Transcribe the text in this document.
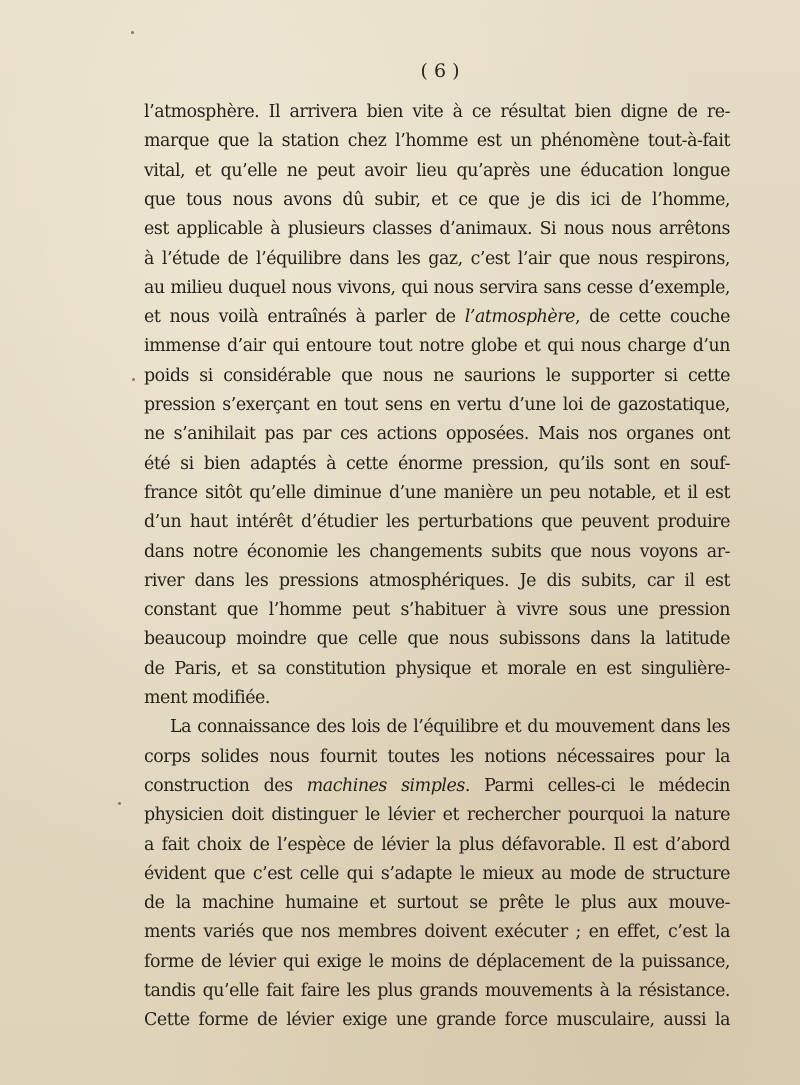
( 6 )
l’atmosphère. Il arrivera bien vite à ce résultat bien digne de re-
marque que la station chez l’homme est un phénomène tout-à-fait
vital, et qu’elle ne peut avoir lieu qu’après une éducation longue
que tous nous avons dû subir, et ce que je dis ici de l’homme,
est applicable à plusieurs classes d’animaux. Si nous nous arrêtons
à l’étude de l’équilibre dans les gaz, c’est l’air que nous respirons,
au milieu duquel nous vivons, qui nous servira sans cesse d’exemple,
et nous voilà entraînés à parler de l’atmosphère, de cette couche
immense d’air qui entoure tout notre globe et qui nous charge d’un
poids si considérable que nous ne saurions le supporter si cette
pression s’exerçant en tout sens en vertu d’une loi de gazostatique,
ne s’anihilait pas par ces actions opposées. Mais nos organes ont
été si bien adaptés à cette énorme pression, qu’ils sont en souf-
france sitôt qu’elle diminue d’une manière un peu notable, et il est
d’un haut intérêt d’étudier les perturbations que peuvent produire
dans notre économie les changements subits que nous voyons ar-
river dans les pressions atmosphériques. Je dis subits, car il est
constant que l’homme peut s’habituer à vivre sous une pression
beaucoup moindre que celle que nous subissons dans la latitude
de Paris, et sa constitution physique et morale en est singulière-
ment modifiée.
La connaissance des lois de l’équilibre et du mouvement dans les
corps solides nous fournit toutes les notions nécessaires pour la
construction des machines simples. Parmi celles-ci le médecin
physicien doit distinguer le lévier et rechercher pourquoi la nature
a fait choix de l’espèce de lévier la plus défavorable. Il est d’abord
évident que c’est celle qui s’adapte le mieux au mode de structure
de la machine humaine et surtout se prête le plus aux mouve-
ments variés que nos membres doivent exécuter ; en effet, c’est la
forme de lévier qui exige le moins de déplacement de la puissance,
tandis qu’elle fait faire les plus grands mouvements à la résistance.
Cette forme de lévier exige une grande force musculaire, aussi la
